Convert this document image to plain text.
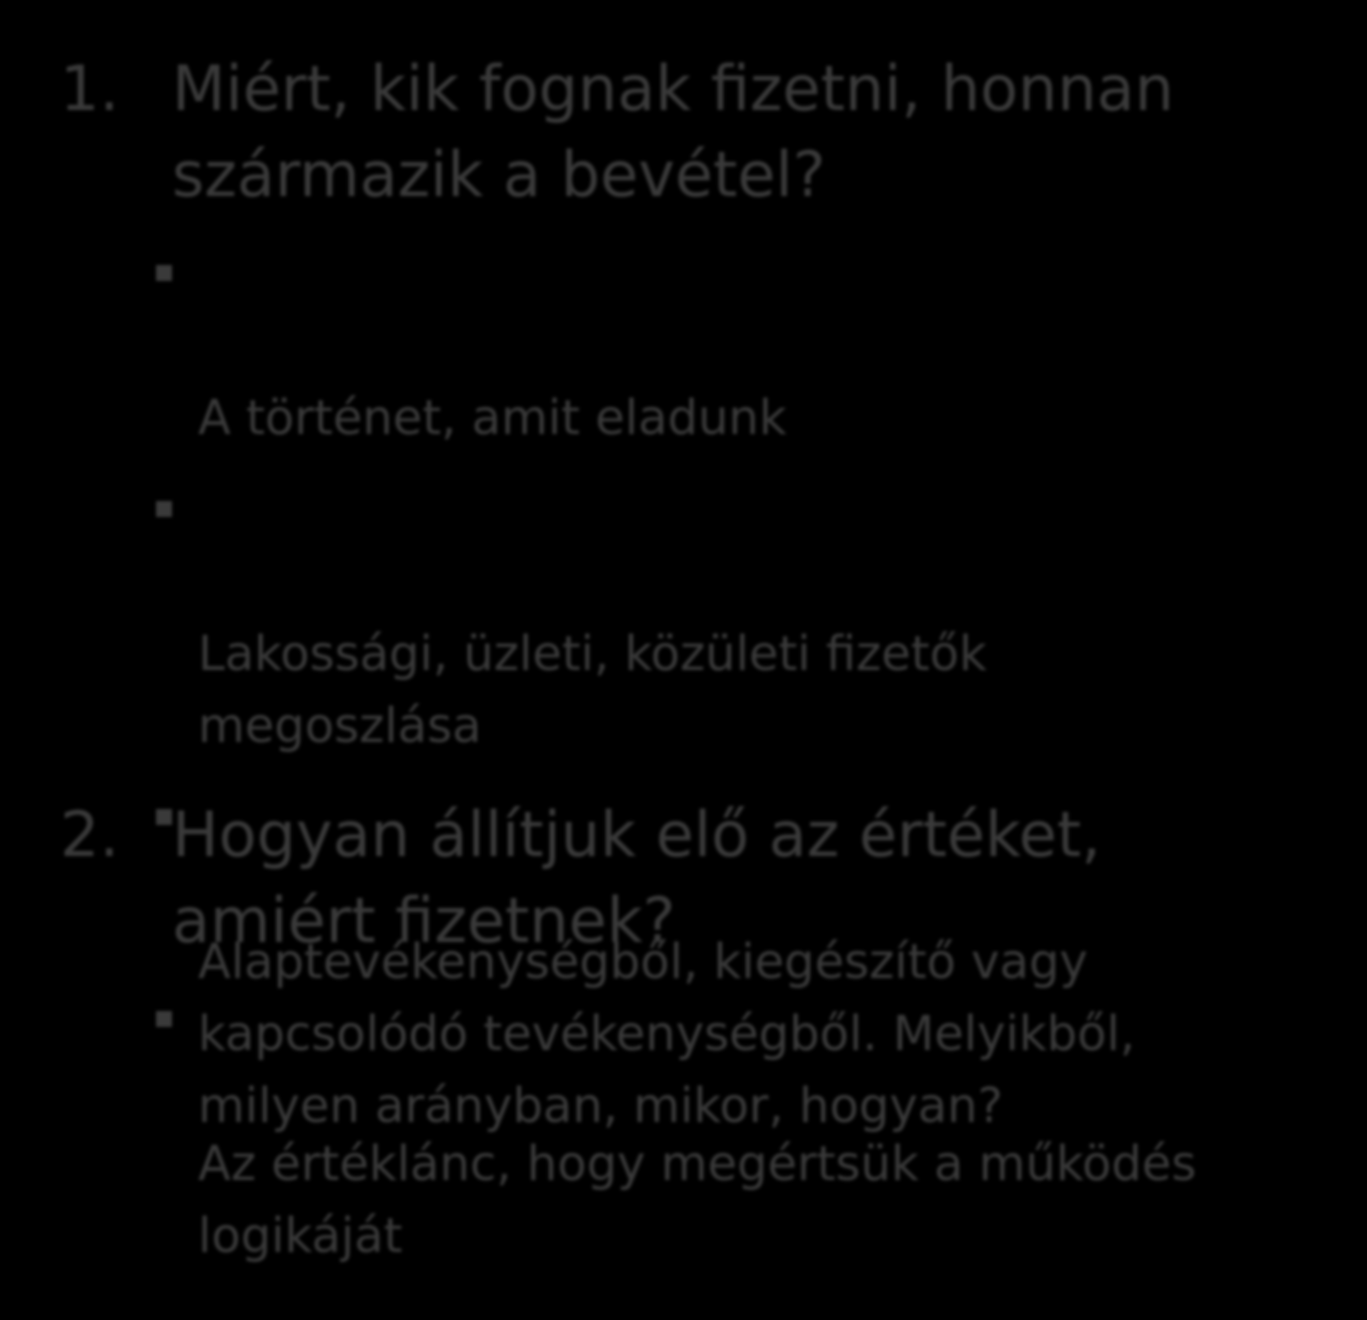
1. Miért, kik fognak fizetni, honnan
származik a bevétel?

A történet, amit eladunk

Lakossági, üzleti, közületi fizetők
megoszlása

Alaptevékenységből, kiegészítő vagy
kapcsolódó tevékenységből. Melyikből,
milyen arányban, mikor, hogyan?

2. Hogyan állítjuk elő az értéket,
amiért fizetnek?

Az értéklánc, hogy megértsük a működés
logikáját
